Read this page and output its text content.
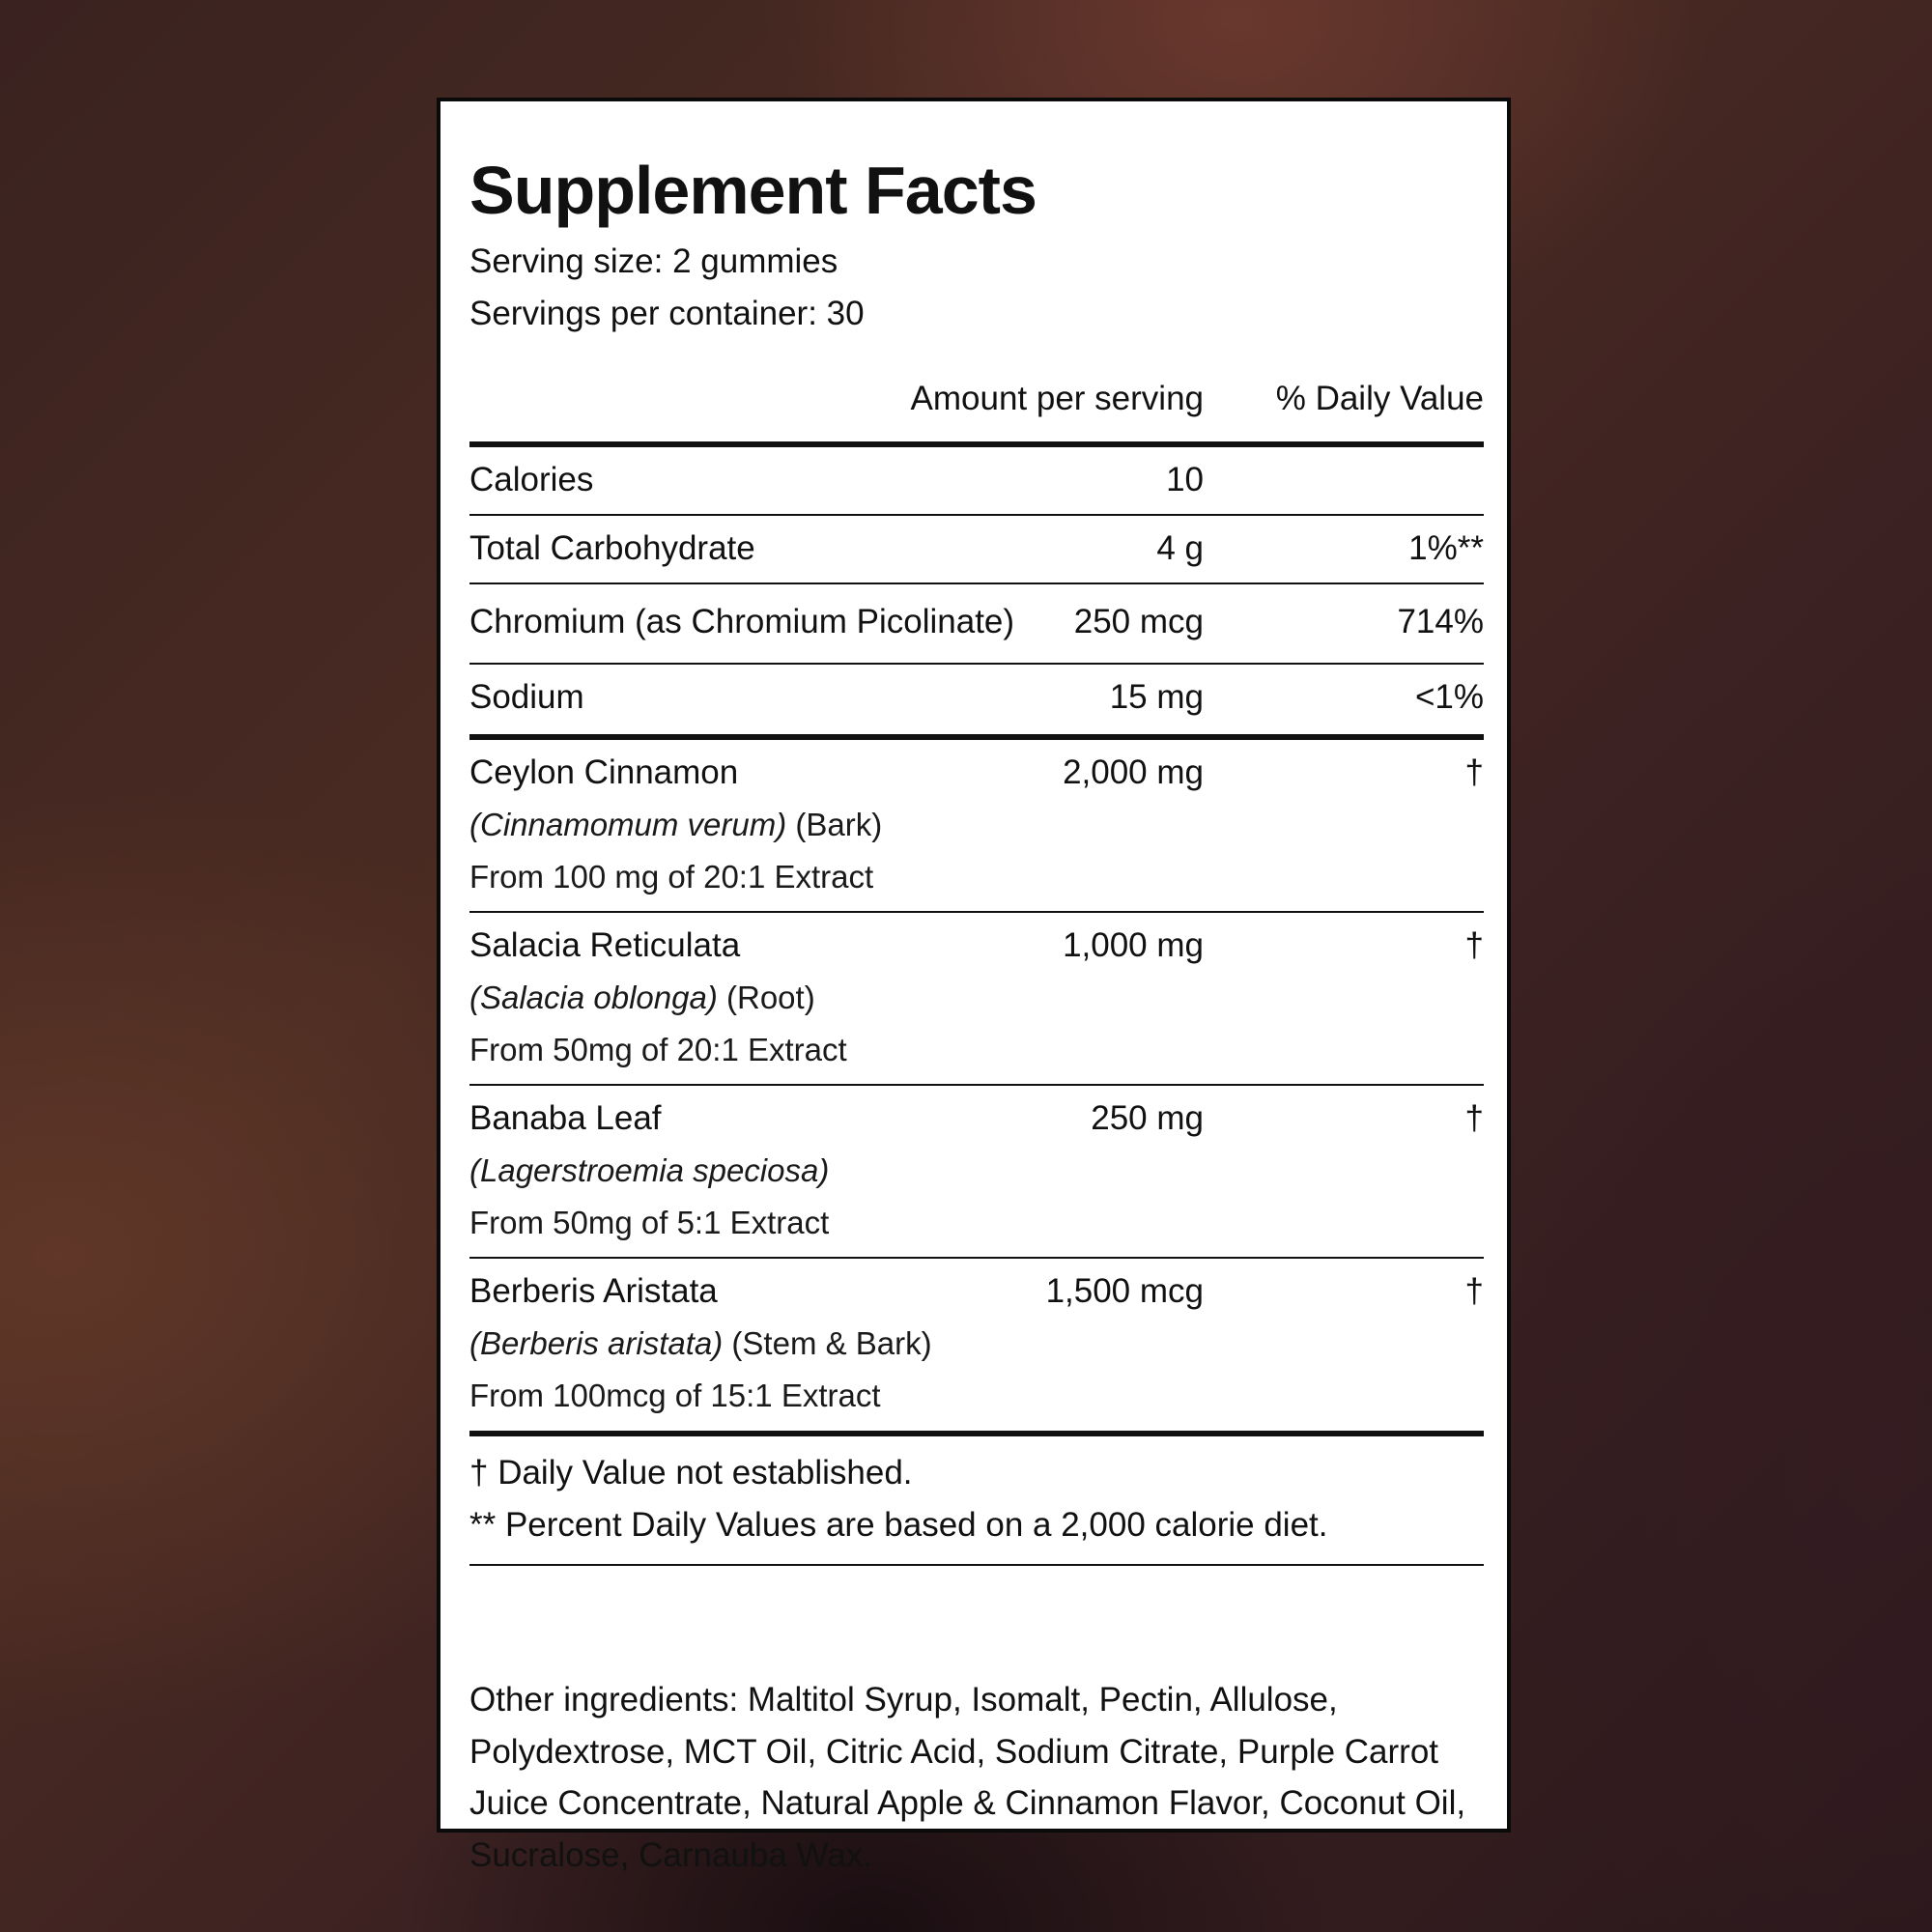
Supplement Facts
Serving size: 2 gummies
Servings per container: 30
Amount per serving % Daily Value
Calories	10
Total Carbohydrate	4 g	1%**
Chromium (as Chromium Picolinate) 250 mcg	714%
Sodium	15 mg	<1%
Ceylon Cinnamon	2,000 mg	†
(Cinnamomum verum) (Bark)
From 100 mg of 20:1 Extract
Salacia Reticulata	1,000 mg	†
(Salacia oblonga) (Root)
From 50mg of 20:1 Extract
Banaba Leaf	250 mg	†
(Lagerstroemia speciosa)
From 50mg of 5:1 Extract
Berberis Aristata	1,500 mcg	†
(Berberis aristata) (Stem & Bark)
From 100mcg of 15:1 Extract
† Daily Value not established.
** Percent Daily Values are based on a 2,000 calorie diet.
Other ingredients: Maltitol Syrup, Isomalt, Pectin, Allulose, Polydextrose, MCT Oil, Citric Acid, Sodium Citrate, Purple Carrot Juice Concentrate, Natural Apple & Cinnamon Flavor, Coconut Oil, Sucralose, Carnauba Wax.
